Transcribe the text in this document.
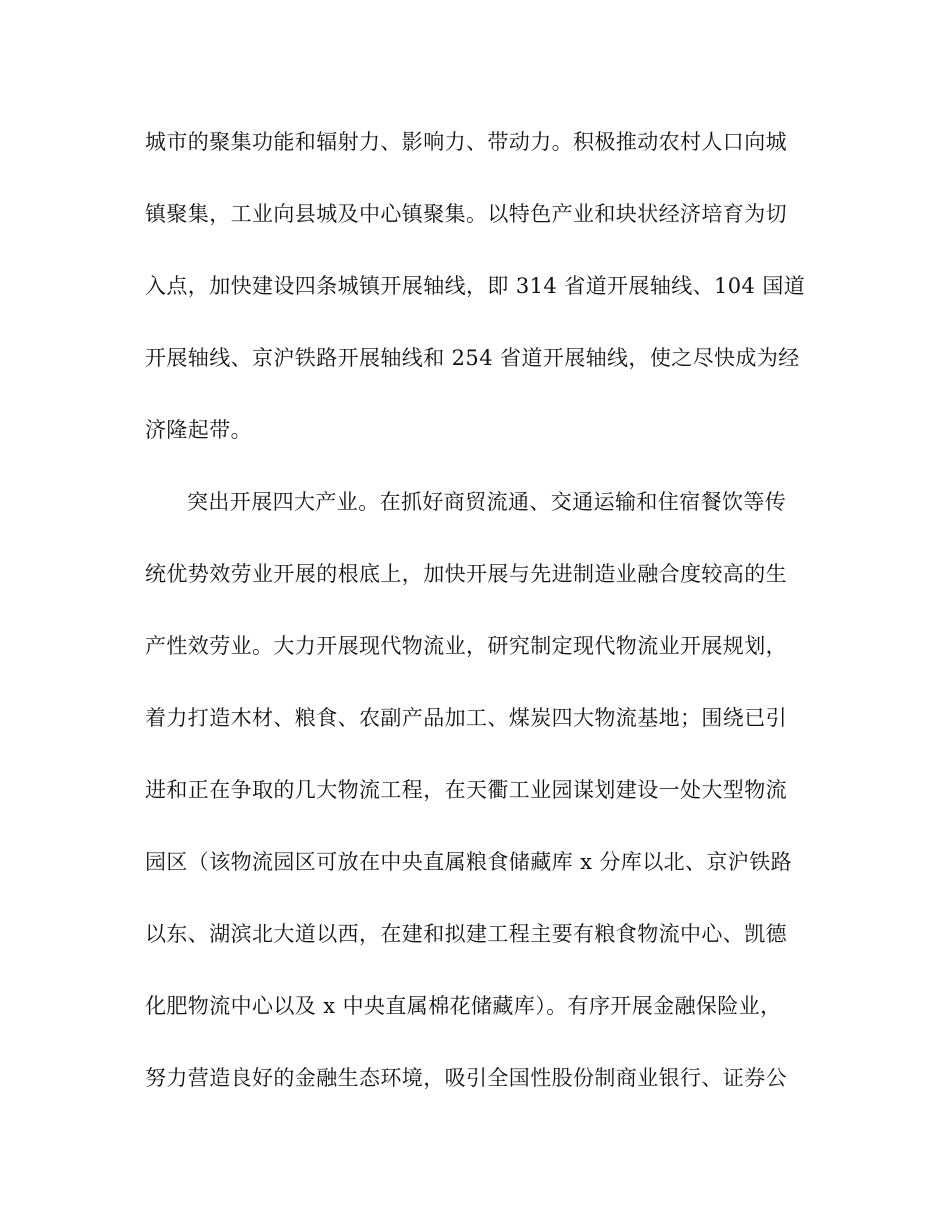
城市的聚集功能和辐射力、影响力、带动力。积极推动农村人口向城
镇聚集，工业向县城及中心镇聚集。以特色产业和块状经济培育为切
入点，加快建设四条城镇开展轴线，即 314 省道开展轴线、104 国道
开展轴线、京沪铁路开展轴线和 254 省道开展轴线，使之尽快成为经
济隆起带。
突出开展四大产业。在抓好商贸流通、交通运输和住宿餐饮等传
统优势效劳业开展的根底上，加快开展与先进制造业融合度较高的生
产性效劳业。大力开展现代物流业，研究制定现代物流业开展规划，
着力打造木材、粮食、农副产品加工、煤炭四大物流基地；围绕已引
进和正在争取的几大物流工程，在天衢工业园谋划建设一处大型物流
园区（该物流园区可放在中央直属粮食储藏库 x 分库以北、京沪铁路
以东、湖滨北大道以西，在建和拟建工程主要有粮食物流中心、凯德
化肥物流中心以及 x 中央直属棉花储藏库）。有序开展金融保险业，
努力营造良好的金融生态环境，吸引全国性股份制商业银行、证券公
